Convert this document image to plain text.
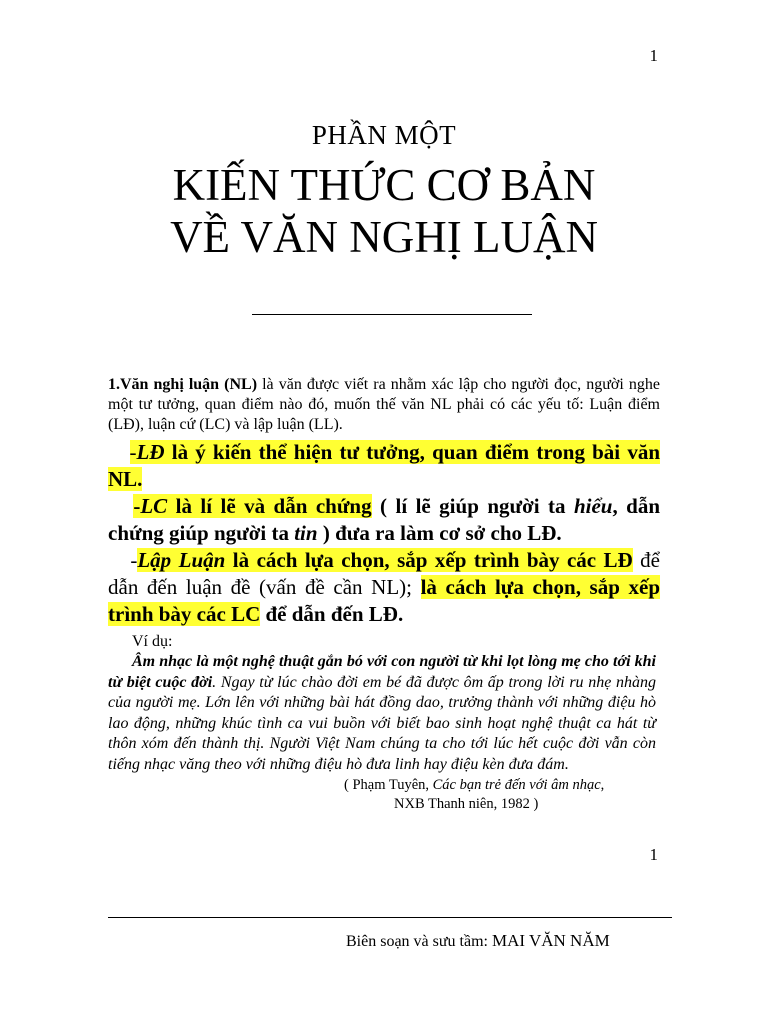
1
PHẦN MỘT
KIẾN THỨC CƠ BẢN
VỀ VĂN NGHỊ LUẬN

1.Văn nghị luận (NL) là văn được viết ra nhằm xác lập cho người đọc, người nghe một tư tưởng, quan điểm nào đó, muốn thế văn NL phải có các yếu tố: Luận điểm (LĐ), luận cứ (LC) và lập luận (LL).

-LĐ là ý kiến thể hiện tư tưởng, quan điểm trong bài văn NL.

-LC là lí lẽ và dẫn chứng ( lí lẽ giúp người ta hiểu, dẫn chứng giúp người ta tin ) đưa ra làm cơ sở cho LĐ.

-Lập Luận là cách lựa chọn, sắp xếp trình bày các LĐ để dẫn đến luận đề (vấn đề cần NL); là cách lựa chọn, sắp xếp trình bày các LC để dẫn đến LĐ.

Ví dụ:

Âm nhạc là một nghệ thuật gắn bó với con người từ khi lọt lòng mẹ cho tới khi từ biệt cuộc đời. Ngay từ lúc chào đời em bé đã được ôm ấp trong lời ru nhẹ nhàng của người mẹ. Lớn lên với những bài hát đồng dao, trưởng thành với những điệu hò lao động, những khúc tình ca vui buồn với biết bao sinh hoạt nghệ thuật ca hát từ thôn xóm đến thành thị. Người Việt Nam chúng ta cho tới lúc hết cuộc đời vẫn còn tiếng nhạc văng theo với những điệu hò đưa linh hay điệu kèn đưa đám.

( Phạm Tuyên, Các bạn trẻ đến với âm nhạc,
NXB Thanh niên, 1982 )
1
Biên soạn và sưu tầm: MAI VĂN NĂM
